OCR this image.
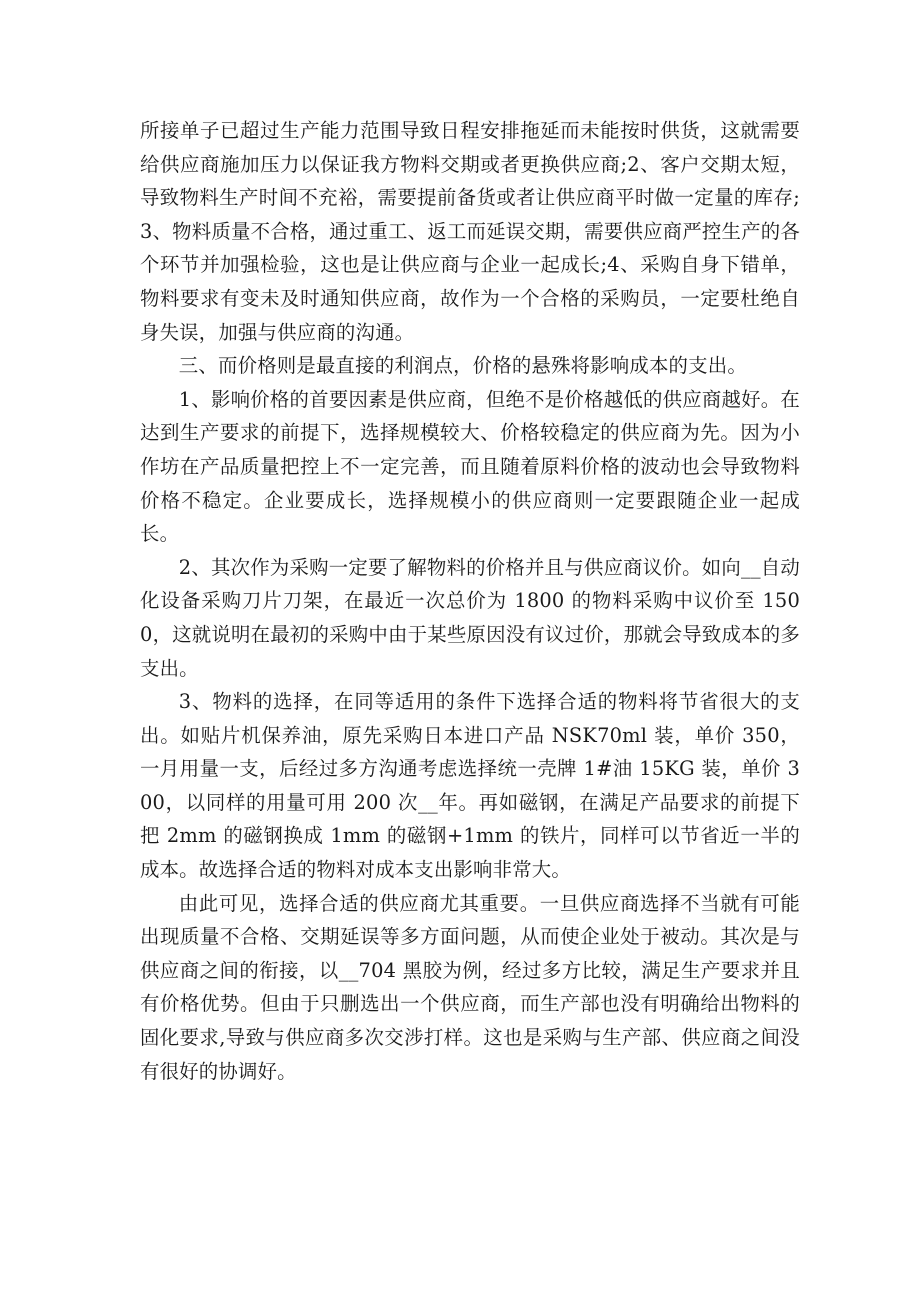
所接单子已超过生产能力范围导致日程安排拖延而未能按时供货，这就需要给供应商施加压力以保证我方物料交期或者更换供应商;2、客户交期太短，导致物料生产时间不充裕，需要提前备货或者让供应商平时做一定量的库存;3、物料质量不合格，通过重工、返工而延误交期，需要供应商严控生产的各个环节并加强检验，这也是让供应商与企业一起成长;4、采购自身下错单，物料要求有变未及时通知供应商，故作为一个合格的采购员，一定要杜绝自身失误，加强与供应商的沟通。

三、而价格则是最直接的利润点，价格的悬殊将影响成本的支出。

1、影响价格的首要因素是供应商，但绝不是价格越低的供应商越好。在达到生产要求的前提下，选择规模较大、价格较稳定的供应商为先。因为小作坊在产品质量把控上不一定完善，而且随着原料价格的波动也会导致物料价格不稳定。企业要成长，选择规模小的供应商则一定要跟随企业一起成长。

2、其次作为采购一定要了解物料的价格并且与供应商议价。如向__自动化设备采购刀片刀架，在最近一次总价为 1800 的物料采购中议价至 1500，这就说明在最初的采购中由于某些原因没有议过价，那就会导致成本的多支出。

3、物料的选择，在同等适用的条件下选择合适的物料将节省很大的支出。如贴片机保养油，原先采购日本进口产品 NSK70ml 装，单价 350，一月用量一支，后经过多方沟通考虑选择统一壳牌 1#油 15KG 装，单价 300，以同样的用量可用 200 次__年。再如磁钢，在满足产品要求的前提下把 2mm 的磁钢换成 1mm 的磁钢+1mm 的铁片，同样可以节省近一半的成本。故选择合适的物料对成本支出影响非常大。

由此可见，选择合适的供应商尤其重要。一旦供应商选择不当就有可能出现质量不合格、交期延误等多方面问题，从而使企业处于被动。其次是与供应商之间的衔接，以__704 黑胶为例，经过多方比较，满足生产要求并且有价格优势。但由于只删选出一个供应商，而生产部也没有明确给出物料的固化要求,导致与供应商多次交涉打样。这也是采购与生产部、供应商之间没有很好的协调好。
